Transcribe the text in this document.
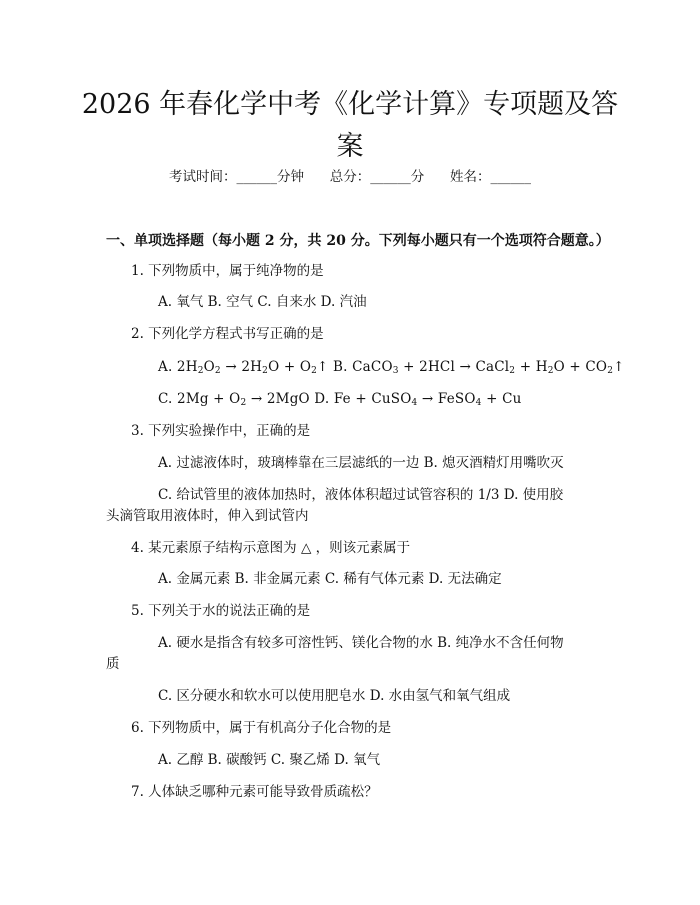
2026 年春化学中考《化学计算》专项题及答案
考试时间：______分钟      总分：______分      姓名：______
一、单项选择题（每小题 2 分，共 20 分。下列每小题只有一个选项符合题意。）
1. 下列物质中，属于纯净物的是
A. 氧气 B. 空气 C. 自来水 D. 汽油
2. 下列化学方程式书写正确的是
A. $2H_2O_2 \to 2H_2O$ + $O_2↑$ B. CaCO$_3$ + 2HCl → CaCl$_2$ + $H_2O$ + $CO_2↑$
C. $2Mg + O_2 \to 2MgO$ D. Fe + CuSO$_4$ → FeSO$_4$ + Cu
3. 下列实验操作中，正确的是
A. 过滤液体时，玻璃棒靠在三层滤纸的一边 B. 熄灭酒精灯用嘴吹灭
C. 给试管里的液体加热时，液体体积超过试管容积的 1/3 D. 使用胶
头滴管取用液体时，伸入到试管内
4. 某元素原子结构示意图为 △ ，则该元素属于
A. 金属元素 B. 非金属元素 C. 稀有气体元素 D. 无法确定
5. 下列关于水的说法正确的是
A. 硬水是指含有较多可溶性钙、镁化合物的水 B. 纯净水不含任何物
质
C. 区分硬水和软水可以使用肥皂水 D. 水由氢气和氧气组成
6. 下列物质中，属于有机高分子化合物的是
A. 乙醇 B. 碳酸钙 C. 聚乙烯 D. 氧气
7. 人体缺乏哪种元素可能导致骨质疏松？
